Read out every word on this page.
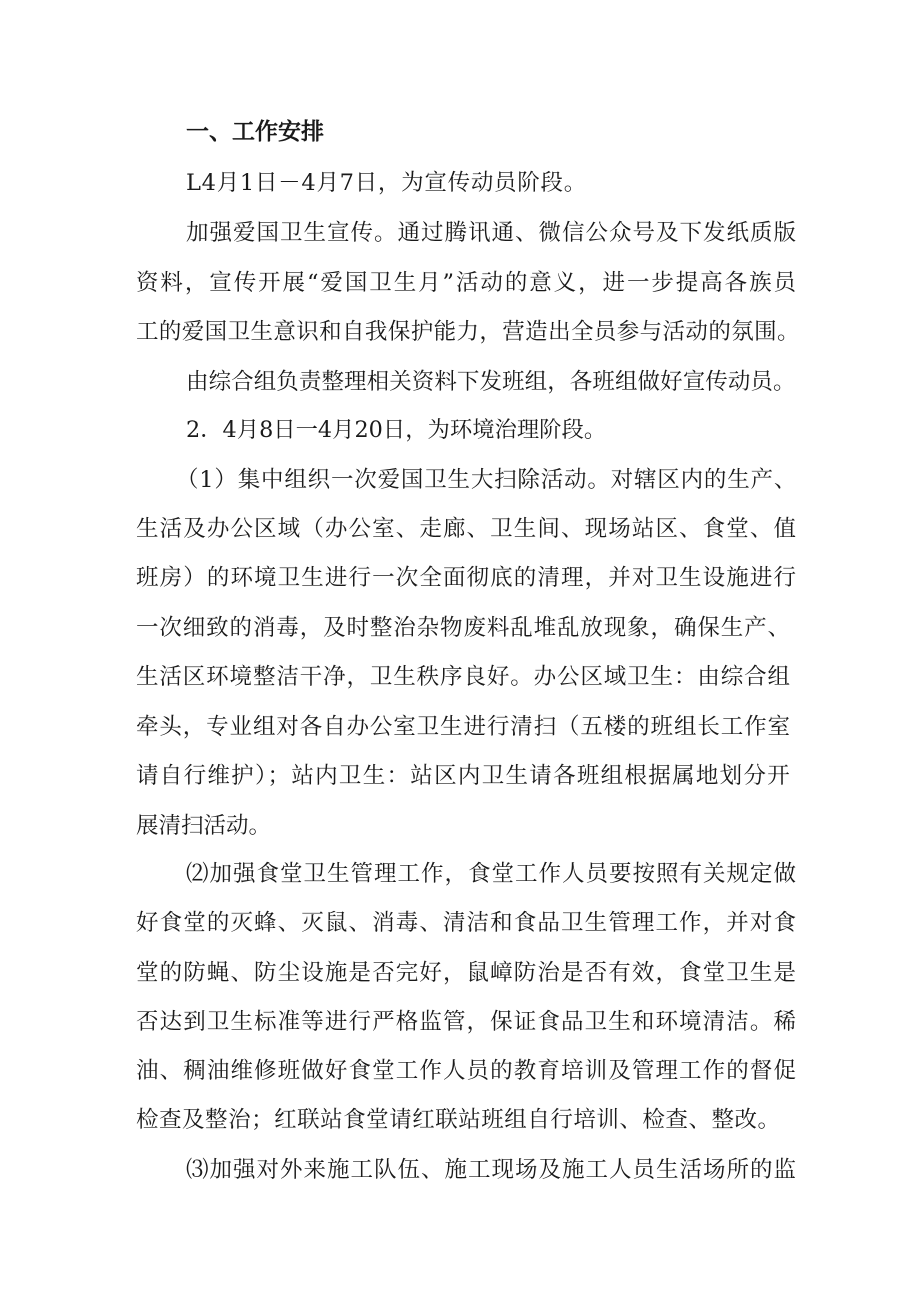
一、工作安排
L4月1日－4月7日，为宣传动员阶段。
加强爱国卫生宣传。通过腾讯通、微信公众号及下发纸质版
资料，宣传开展“爱国卫生月”活动的意义，进一步提高各族员
工的爱国卫生意识和自我保护能力，营造出全员参与活动的氛围。
由综合组负责整理相关资料下发班组，各班组做好宣传动员。
2．4月8日一4月20日，为环境治理阶段。
（1）集中组织一次爱国卫生大扫除活动。对辖区内的生产、
生活及办公区域（办公室、走廊、卫生间、现场站区、食堂、值
班房）的环境卫生进行一次全面彻底的清理，并对卫生设施进行
一次细致的消毒，及时整治杂物废料乱堆乱放现象，确保生产、
生活区环境整洁干净，卫生秩序良好。办公区域卫生：由综合组
牵头，专业组对各自办公室卫生进行清扫（五楼的班组长工作室
请自行维护）；站内卫生：站区内卫生请各班组根据属地划分开
展清扫活动。
⑵加强食堂卫生管理工作，食堂工作人员要按照有关规定做
好食堂的灭蜂、灭鼠、消毒、清洁和食品卫生管理工作，并对食
堂的防蝇、防尘设施是否完好，鼠嶂防治是否有效，食堂卫生是
否达到卫生标准等进行严格监管，保证食品卫生和环境清洁。稀
油、稠油维修班做好食堂工作人员的教育培训及管理工作的督促
检查及整治；红联站食堂请红联站班组自行培训、检查、整改。
⑶加强对外来施工队伍、施工现场及施工人员生活场所的监
